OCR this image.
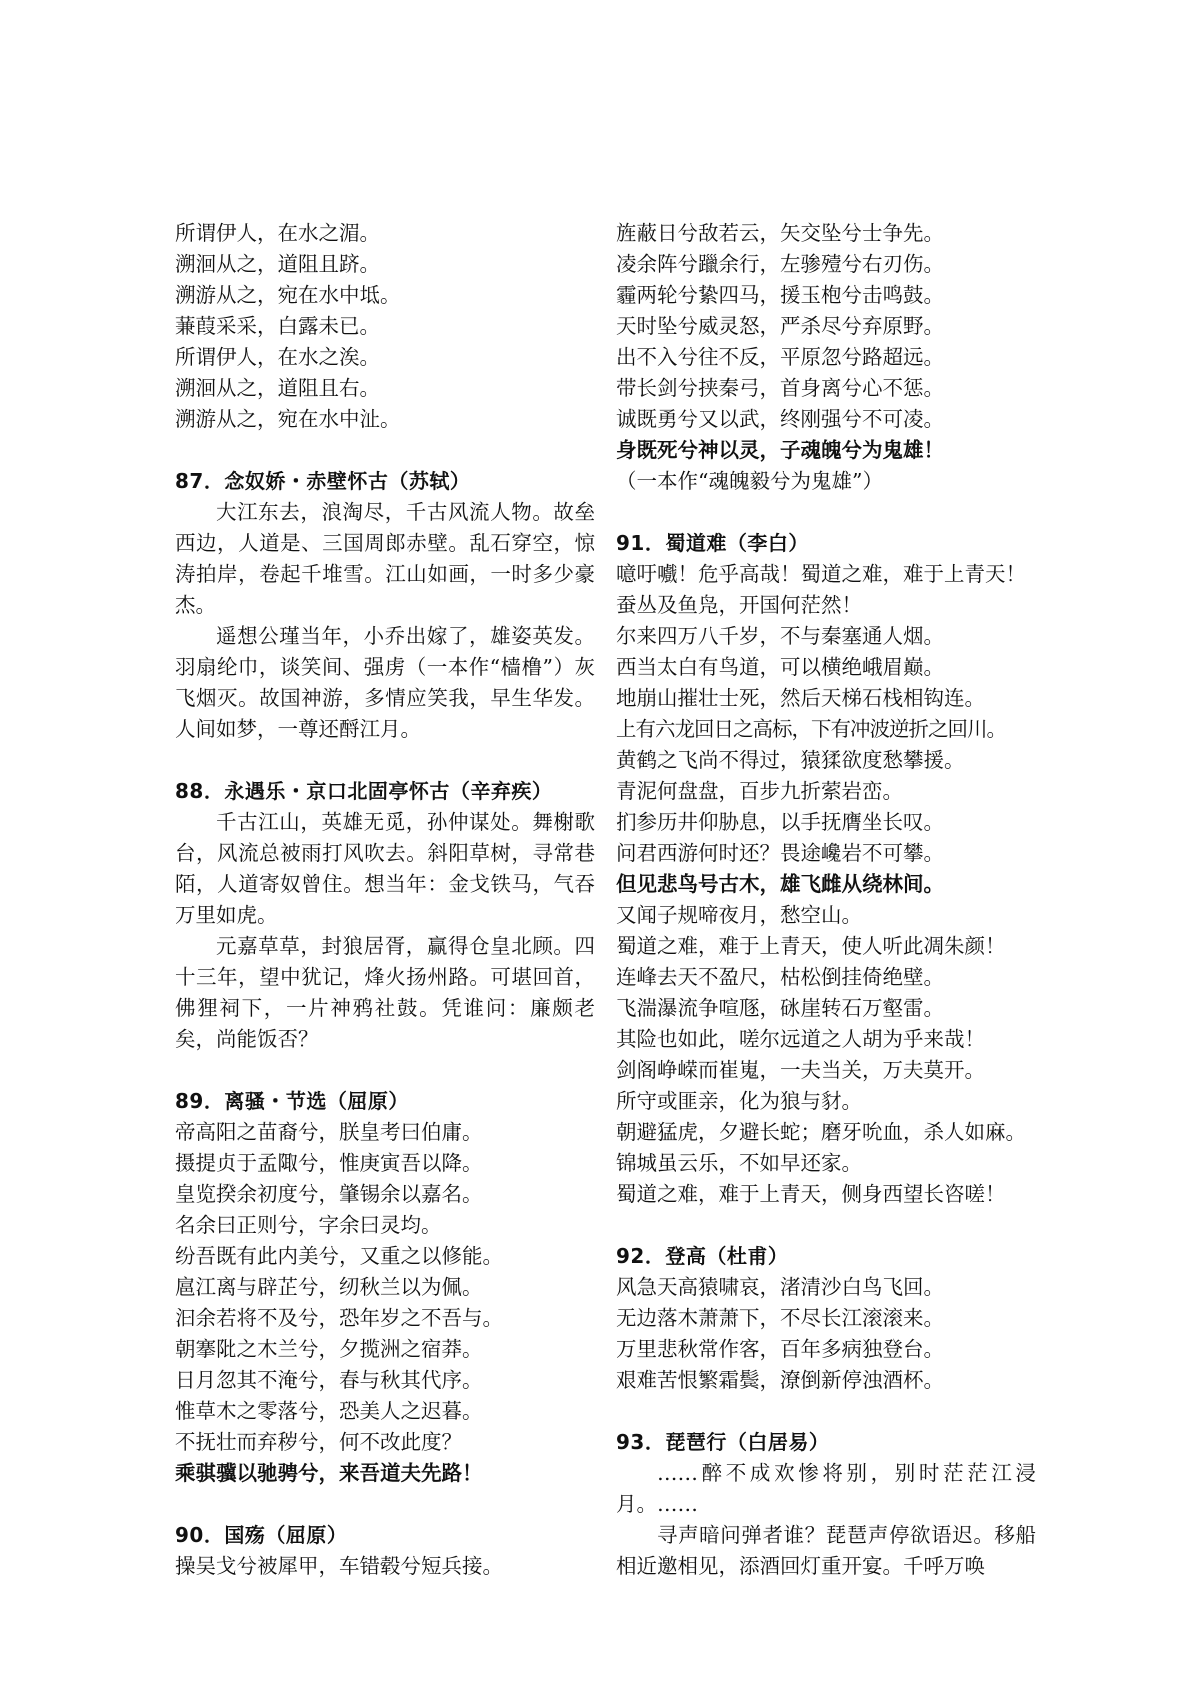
所谓伊人，在水之湄。
溯洄从之，道阻且跻。
溯游从之，宛在水中坻。
蒹葭采采，白露未已。
所谓伊人，在水之涘。
溯洄从之，道阻且右。
溯游从之，宛在水中沚。
87．念奴娇・赤壁怀古（苏轼）

大江东去，浪淘尽，千古风流人物。故垒西边，人道是、三国周郎赤壁。乱石穿空，惊涛拍岸，卷起千堆雪。江山如画，一时多少豪杰。

遥想公瑾当年，小乔出嫁了，雄姿英发。羽扇纶巾，谈笑间、强虏（一本作“樯橹”）灰飞烟灭。故国神游，多情应笑我，早生华发。人间如梦，一尊还酹江月。

88．永遇乐・京口北固亭怀古（辛弃疾）

千古江山，英雄无觅，孙仲谋处。舞榭歌台，风流总被雨打风吹去。斜阳草树，寻常巷陌，人道寄奴曾住。想当年：金戈铁马，气吞万里如虎。

元嘉草草，封狼居胥，赢得仓皇北顾。四十三年，望中犹记，烽火扬州路。可堪回首，佛狸祠下，一片神鸦社鼓。凭谁问：廉颇老矣，尚能饭否？

89．离骚・节选（屈原）
帝高阳之苗裔兮，朕皇考曰伯庸。
摄提贞于孟陬兮，惟庚寅吾以降。
皇览揆余初度兮，肇锡余以嘉名。
名余曰正则兮，字余曰灵均。
纷吾既有此内美兮，又重之以修能。
扈江离与辟芷兮，纫秋兰以为佩。
汩余若将不及兮，恐年岁之不吾与。
朝搴阰之木兰兮，夕揽洲之宿莽。
日月忽其不淹兮，春与秋其代序。
惟草木之零落兮，恐美人之迟暮。
不抚壮而弃秽兮，何不改此度？
乘骐骥以驰骋兮，来吾道夫先路！
90．国殇（屈原）
操吴戈兮被犀甲，车错毂兮短兵接。
旌蔽日兮敌若云，矢交坠兮士争先。
凌余阵兮躐余行，左骖殪兮右刃伤。
霾两轮兮絷四马，援玉枹兮击鸣鼓。
天时坠兮威灵怒，严杀尽兮弃原野。
出不入兮往不反，平原忽兮路超远。
带长剑兮挟秦弓，首身离兮心不惩。
诚既勇兮又以武，终刚强兮不可凌。
身既死兮神以灵，子魂魄兮为鬼雄！
（一本作“魂魄毅兮为鬼雄”）
91．蜀道难（李白）
噫吁嚱！危乎高哉！蜀道之难，难于上青天！
蚕丛及鱼凫，开国何茫然！
尔来四万八千岁，不与秦塞通人烟。
西当太白有鸟道，可以横绝峨眉巅。
地崩山摧壮士死，然后天梯石栈相钩连。
上有六龙回日之高标，下有冲波逆折之回川。
黄鹤之飞尚不得过，猿猱欲度愁攀援。
青泥何盘盘，百步九折萦岩峦。
扪参历井仰胁息，以手抚膺坐长叹。
问君西游何时还？畏途巉岩不可攀。
但见悲鸟号古木，雄飞雌从绕林间。
又闻子规啼夜月，愁空山。
蜀道之难，难于上青天，使人听此凋朱颜！
连峰去天不盈尺，枯松倒挂倚绝壁。
飞湍瀑流争喧豗，砯崖转石万壑雷。
其险也如此，嗟尔远道之人胡为乎来哉！
剑阁峥嵘而崔嵬，一夫当关，万夫莫开。
所守或匪亲，化为狼与豺。
朝避猛虎，夕避长蛇；磨牙吮血，杀人如麻。
锦城虽云乐，不如早还家。
蜀道之难，难于上青天，侧身西望长咨嗟！
92．登高（杜甫）
风急天高猿啸哀，渚清沙白鸟飞回。
无边落木萧萧下，不尽长江滚滚来。
万里悲秋常作客，百年多病独登台。
艰难苦恨繁霜鬓，潦倒新停浊酒杯。
93．琵琶行（白居易）

……醉不成欢惨将别，别时茫茫江浸月。……

寻声暗问弹者谁？琵琶声停欲语迟。移船相近邀相见，添酒回灯重开宴。千呼万唤
